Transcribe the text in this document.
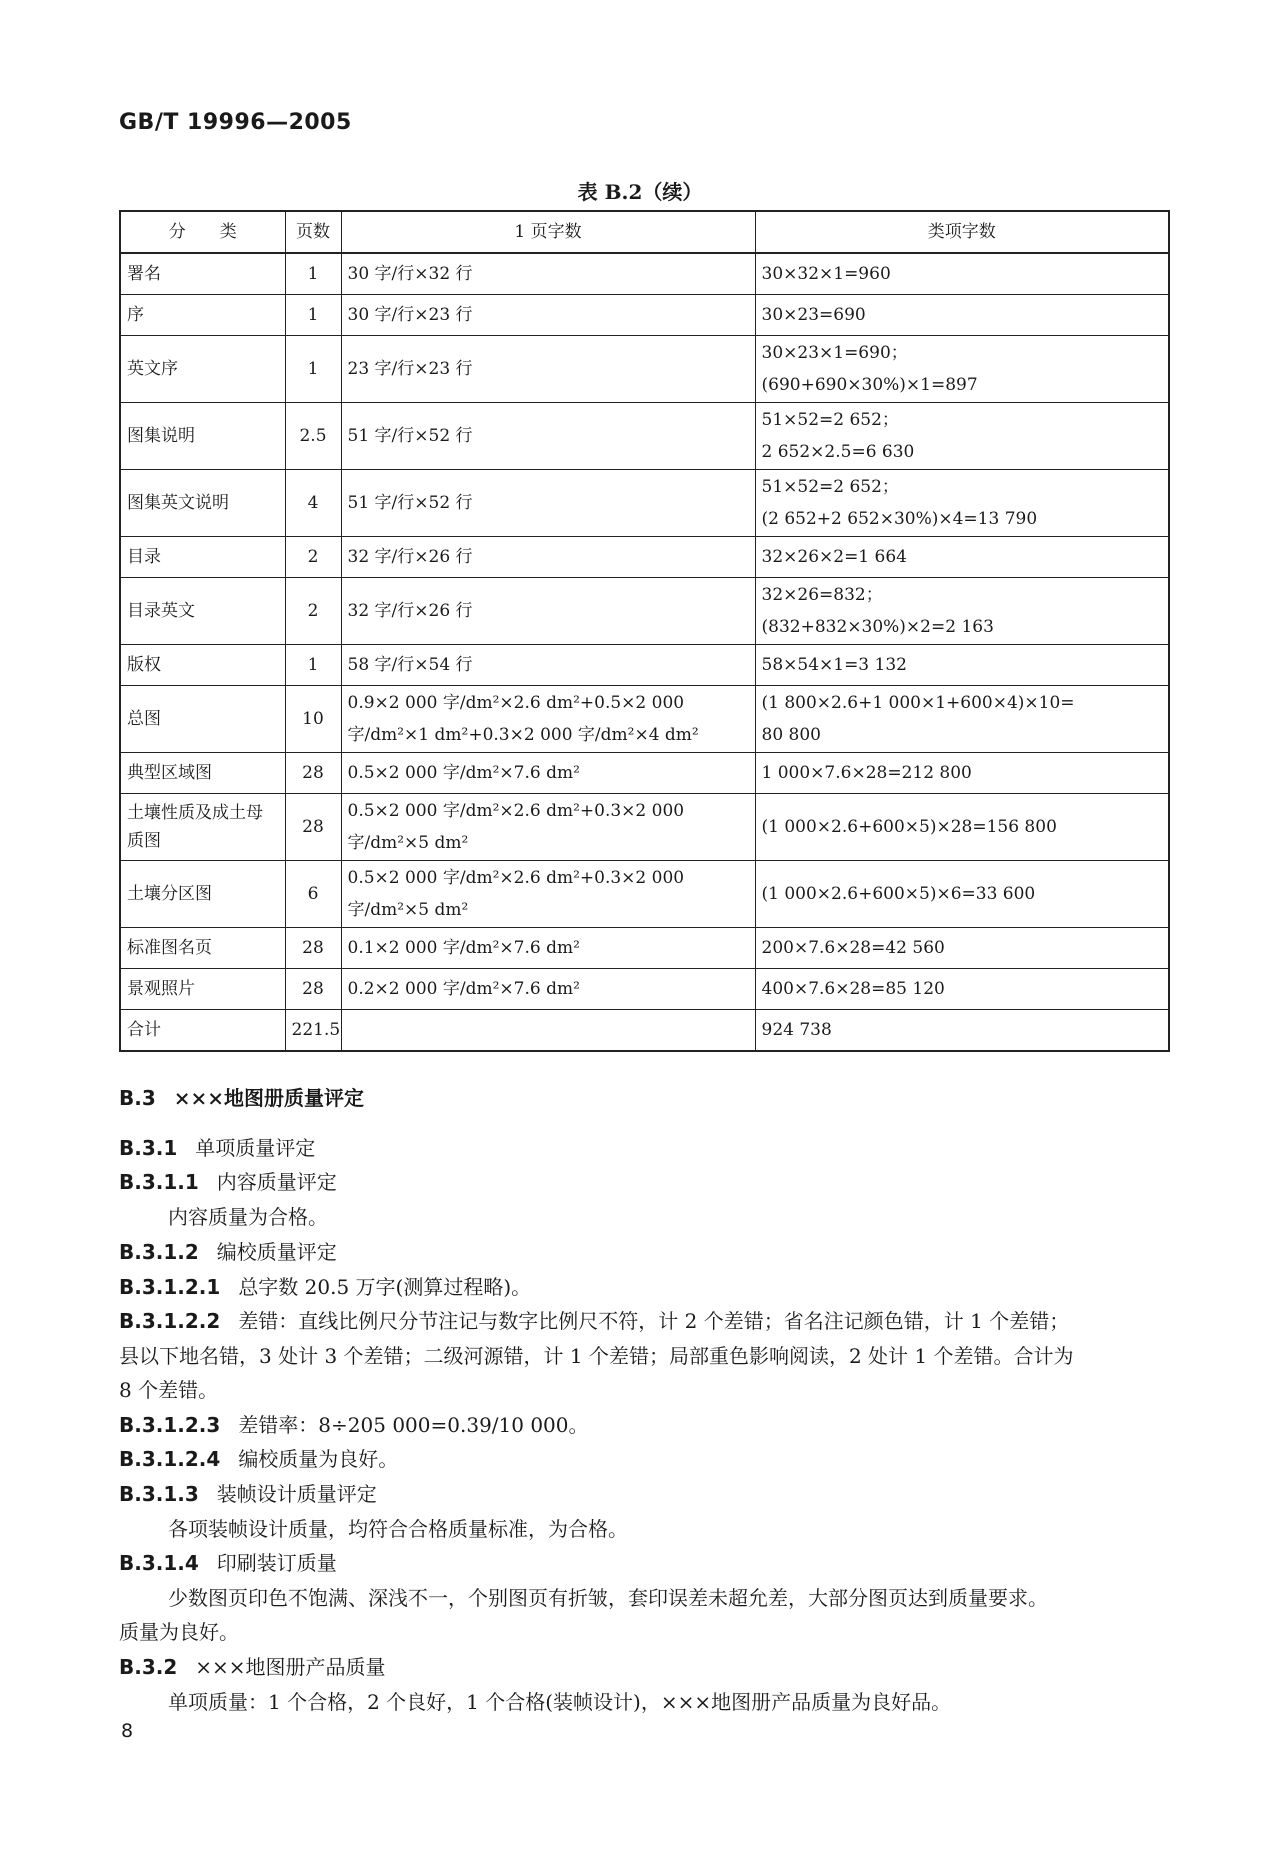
GB/T 19996—2005
表 B.2（续）
分　　类	页数	1 页字数	类项字数
署名	1	30 字/行×32 行	30×32×1=960

序	1	30 字/行×23 行	30×23=690

英文序	1	23 字/行×23 行	30×23×1=690；
(690+690×30%)×1=897

图集说明	2.5	51 字/行×52 行	51×52=2 652；
2 652×2.5=6 630

图集英文说明	4	51 字/行×52 行	51×52=2 652；
(2 652+2 652×30%)×4=13 790

目录	2	32 字/行×26 行	32×26×2=1 664

目录英文	2	32 字/行×26 行	32×26=832；
(832+832×30%)×2=2 163

版权	1	58 字/行×54 行	58×54×1=3 132

总图	10	0.9×2 000 字/dm²×2.6 dm²+0.5×2 000
字/dm²×1 dm²+0.3×2 000 字/dm²×4 dm²	(1 800×2.6+1 000×1+600×4)×10=
80 800

典型区域图	28	0.5×2 000 字/dm²×7.6 dm²	1 000×7.6×28=212 800

土壤性质及成土母质图	28	0.5×2 000 字/dm²×2.6 dm²+0.3×2 000
字/dm²×5 dm²	(1 000×2.6+600×5)×28=156 800

土壤分区图	6	0.5×2 000 字/dm²×2.6 dm²+0.3×2 000
字/dm²×5 dm²	(1 000×2.6+600×5)×6=33 600

标准图名页	28	0.1×2 000 字/dm²×7.6 dm²	200×7.6×28=42 560

景观照片	28	0.2×2 000 字/dm²×7.6 dm²	400×7.6×28=85 120

合计	221.5		924 738
B.3 ×××地图册质量评定
B.3.1 单项质量评定
B.3.1.1 内容质量评定
内容质量为合格。
B.3.1.2 编校质量评定
B.3.1.2.1 总字数 20.5 万字(测算过程略)。
B.3.1.2.2 差错：直线比例尺分节注记与数字比例尺不符，计 2 个差错；省名注记颜色错，计 1 个差错；
县以下地名错，3 处计 3 个差错；二级河源错，计 1 个差错；局部重色影响阅读，2 处计 1 个差错。合计为
8 个差错。
B.3.1.2.3 差错率：8÷205 000=0.39/10 000。
B.3.1.2.4 编校质量为良好。
B.3.1.3 装帧设计质量评定
各项装帧设计质量，均符合合格质量标准，为合格。
B.3.1.4 印刷装订质量
少数图页印色不饱满、深浅不一，个别图页有折皱，套印误差未超允差，大部分图页达到质量要求。
质量为良好。
B.3.2 ×××地图册产品质量
单项质量：1 个合格，2 个良好，1 个合格(装帧设计)，×××地图册产品质量为良好品。
8
